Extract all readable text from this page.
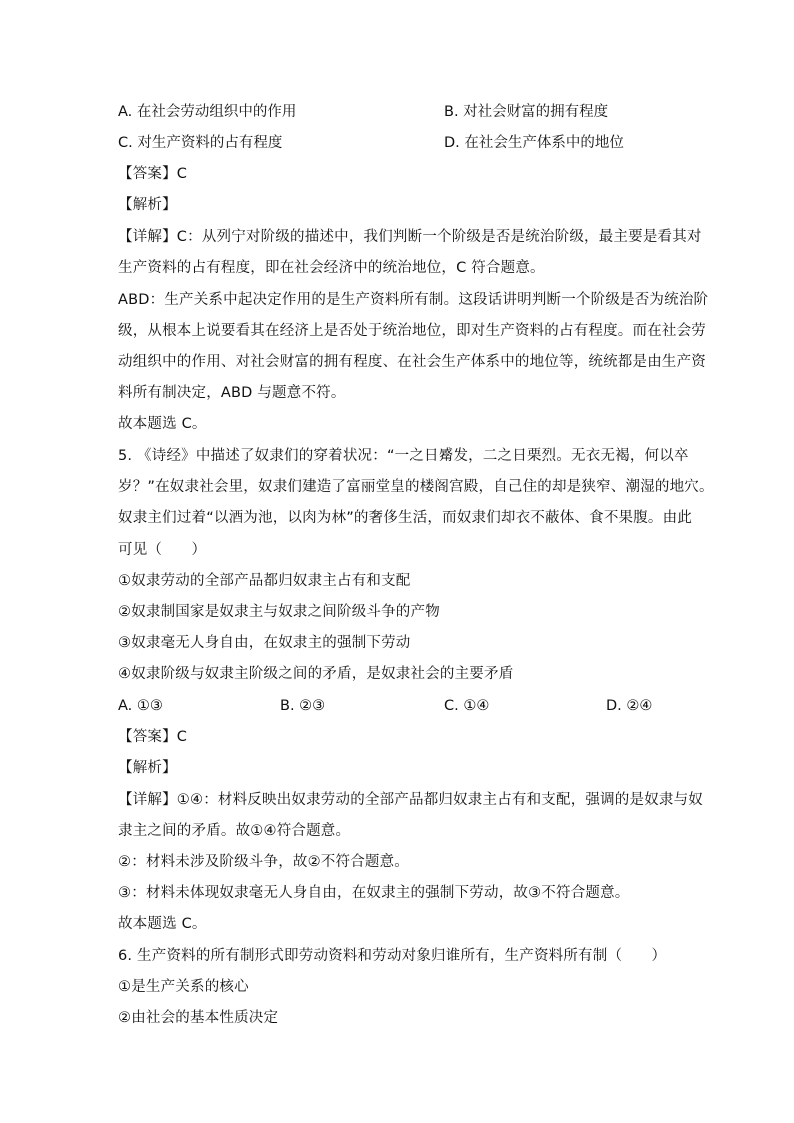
A. 在社会劳动组织中的作用	B. 对社会财富的拥有程度
C. 对生产资料的占有程度	D. 在社会生产体系中的地位
【答案】C
【解析】
【详解】C：从列宁对阶级的描述中，我们判断一个阶级是否是统治阶级，最主要是看其对
生产资料的占有程度，即在社会经济中的统治地位，C 符合题意。
ABD：生产关系中起决定作用的是生产资料所有制。这段话讲明判断一个阶级是否为统治阶
级，从根本上说要看其在经济上是否处于统治地位，即对生产资料的占有程度。而在社会劳
动组织中的作用、对社会财富的拥有程度、在社会生产体系中的地位等，统统都是由生产资
料所有制决定，ABD 与题意不符。
故本题选 C。
5. 《诗经》中描述了奴隶们的穿着状况：“一之日觱发，二之日栗烈。无衣无褐，何以卒
岁？”在奴隶社会里，奴隶们建造了富丽堂皇的楼阁宫殿，自己住的却是狭窄、潮湿的地穴。
奴隶主们过着“以酒为池，以肉为林”的奢侈生活，而奴隶们却衣不蔽体、食不果腹。由此
可见（　　）
①奴隶劳动的全部产品都归奴隶主占有和支配
②奴隶制国家是奴隶主与奴隶之间阶级斗争的产物
③奴隶毫无人身自由，在奴隶主的强制下劳动
④奴隶阶级与奴隶主阶级之间的矛盾，是奴隶社会的主要矛盾
A. ①③	B. ②③	C. ①④	D. ②④
【答案】C
【解析】
【详解】①④：材料反映出奴隶劳动的全部产品都归奴隶主占有和支配，强调的是奴隶与奴
隶主之间的矛盾。故①④符合题意。
②：材料未涉及阶级斗争，故②不符合题意。
③：材料未体现奴隶毫无人身自由，在奴隶主的强制下劳动，故③不符合题意。
故本题选 C。
6. 生产资料的所有制形式即劳动资料和劳动对象归谁所有，生产资料所有制（　　）
①是生产关系的核心
②由社会的基本性质决定
